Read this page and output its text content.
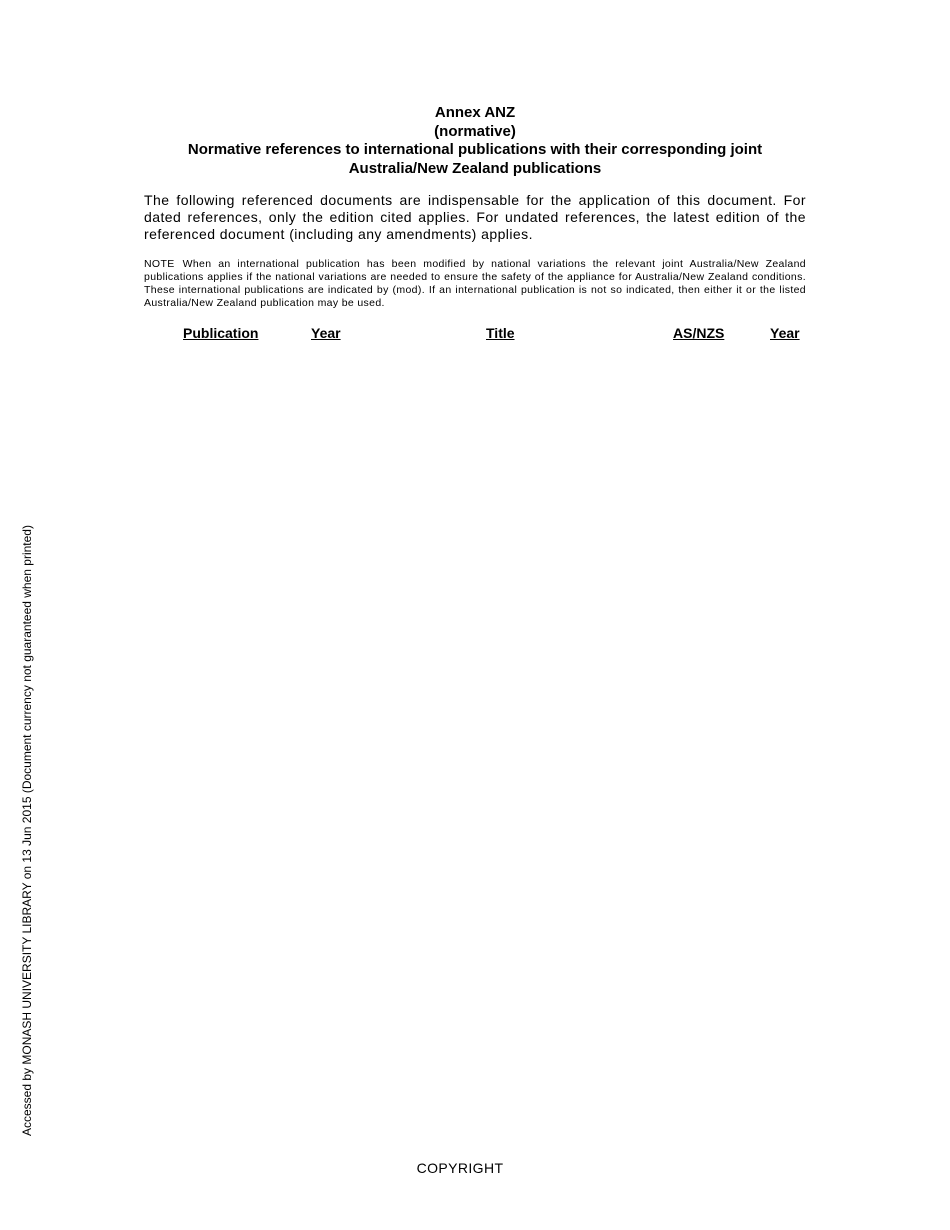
Annex ANZ
(normative)
Normative references to international publications with their corresponding joint
Australia/New Zealand publications

The following referenced documents are indispensable for the application of this document. For dated references, only the edition cited applies. For undated references, the latest edition of the referenced document (including any amendments) applies.

NOTE When an international publication has been modified by national variations the relevant joint Australia/New Zealand publications applies if the national variations are needed to ensure the safety of the appliance for Australia/New Zealand conditions. These international publications are indicated by (mod). If an international publication is not so indicated, then either it or the listed Australia/New Zealand publication may be used.

Publication	Year	Title	AS/NZS	Year
Accessed by MONASH UNIVERSITY LIBRARY on 13 Jun 2015 (Document currency not guaranteed when printed)
COPYRIGHT
